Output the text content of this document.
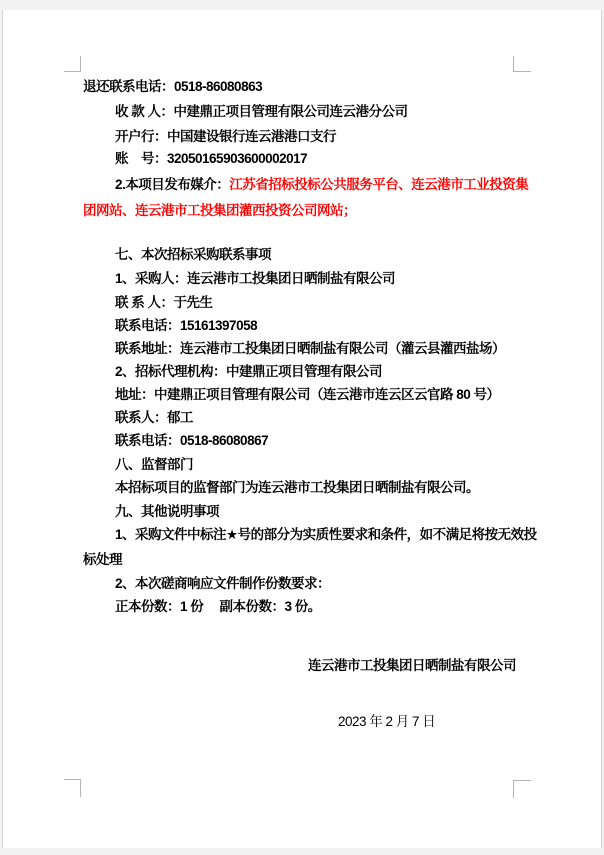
退还联系电话：0518-86080863
收 款 人：中建鼎正项目管理有限公司连云港分公司
开户行：中国建设银行连云港港口支行
账　号：32050165903600002017
2.本项目发布媒介：江苏省招标投标公共服务平台、连云港市工业投资集
团网站、连云港市工投集团灌西投资公司网站；
七、本次招标采购联系事项
1、采购人：连云港市工投集团日晒制盐有限公司
联 系 人：于先生
联系电话：15161397058
联系地址：连云港市工投集团日晒制盐有限公司（灌云县灌西盐场）
2、招标代理机构：中建鼎正项目管理有限公司
地址：中建鼎正项目管理有限公司（连云港市连云区云官路 80 号）
联系人：郁工
联系电话：0518-86080867
八、监督部门
本招标项目的监督部门为连云港市工投集团日晒制盐有限公司。
九、其他说明事项
1、采购文件中标注★号的部分为实质性要求和条件，如不满足将按无效投
标处理
2、本次磋商响应文件制作份数要求：
正本份数：1 份　 副本份数：3 份。
连云港市工投集团日晒制盐有限公司
2023 年 2 月 7 日
